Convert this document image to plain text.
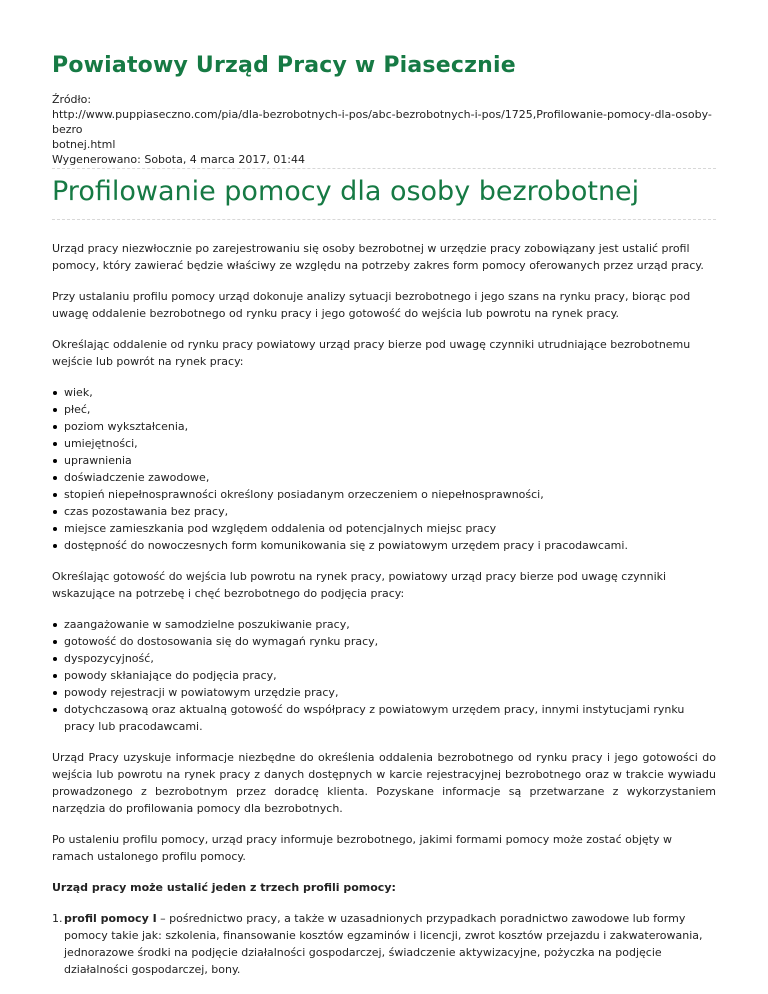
Powiatowy Urząd Pracy w Piasecznie
Źródło:
http://www.puppiaseczno.com/pia/dla-bezrobotnych-i-pos/abc-bezrobotnych-i-pos/1725,Profilowanie-pomocy-dla-osoby-bezro
botnej.html
Wygenerowano: Sobota, 4 marca 2017, 01:44
Profilowanie pomocy dla osoby bezrobotnej

Urząd pracy niezwłocznie po zarejestrowaniu się osoby bezrobotnej w urzędzie pracy zobowiązany jest ustalić profil pomocy, który zawierać będzie właściwy ze względu na potrzeby zakres form pomocy oferowanych przez urząd pracy.

Przy ustalaniu profilu pomocy urząd dokonuje analizy sytuacji bezrobotnego i jego szans na rynku pracy, biorąc pod uwagę oddalenie bezrobotnego od rynku pracy i jego gotowość do wejścia lub powrotu na rynek pracy.

Określając oddalenie od rynku pracy powiatowy urząd pracy bierze pod uwagę czynniki utrudniające bezrobotnemu wejście lub powrót na rynek pracy:

wiek,
płeć,
poziom wykształcenia,
umiejętności,
uprawnienia
doświadczenie zawodowe,
stopień niepełnosprawności określony posiadanym orzeczeniem o niepełnosprawności,
czas pozostawania bez pracy,
miejsce zamieszkania pod względem oddalenia od potencjalnych miejsc pracy
dostępność do nowoczesnych form komunikowania się z powiatowym urzędem pracy i pracodawcami.

Określając gotowość do wejścia lub powrotu na rynek pracy, powiatowy urząd pracy bierze pod uwagę czynniki wskazujące na potrzebę i chęć bezrobotnego do podjęcia pracy:

zaangażowanie w samodzielne poszukiwanie pracy,
gotowość do dostosowania się do wymagań rynku pracy,
dyspozycyjność,
powody skłaniające do podjęcia pracy,
powody rejestracji w powiatowym urzędzie pracy,
dotychczasową oraz aktualną gotowość do współpracy z powiatowym urzędem pracy, innymi instytucjami rynku pracy lub pracodawcami.

Urząd Pracy uzyskuje informacje niezbędne do określenia oddalenia bezrobotnego od rynku pracy i jego gotowości do wejścia lub powrotu na rynek pracy z danych dostępnych w karcie rejestracyjnej bezrobotnego oraz w trakcie wywiadu prowadzonego z bezrobotnym przez doradcę klienta. Pozyskane informacje są przetwarzane z wykorzystaniem narzędzia do profilowania pomocy dla bezrobotnych.

Po ustaleniu profilu pomocy, urząd pracy informuje bezrobotnego, jakimi formami pomocy może zostać objęty w ramach ustalonego profilu pomocy.

Urząd pracy może ustalić jeden z trzech profili pomocy:

1. profil pomocy I – pośrednictwo pracy, a także w uzasadnionych przypadkach poradnictwo zawodowe lub formy pomocy takie jak: szkolenia, finansowanie kosztów egzaminów i licencji, zwrot kosztów przejazdu i zakwaterowania, jednorazowe środki na podjęcie działalności gospodarczej, świadczenie aktywizacyjne, pożyczka na podjęcie działalności gospodarczej, bony.
